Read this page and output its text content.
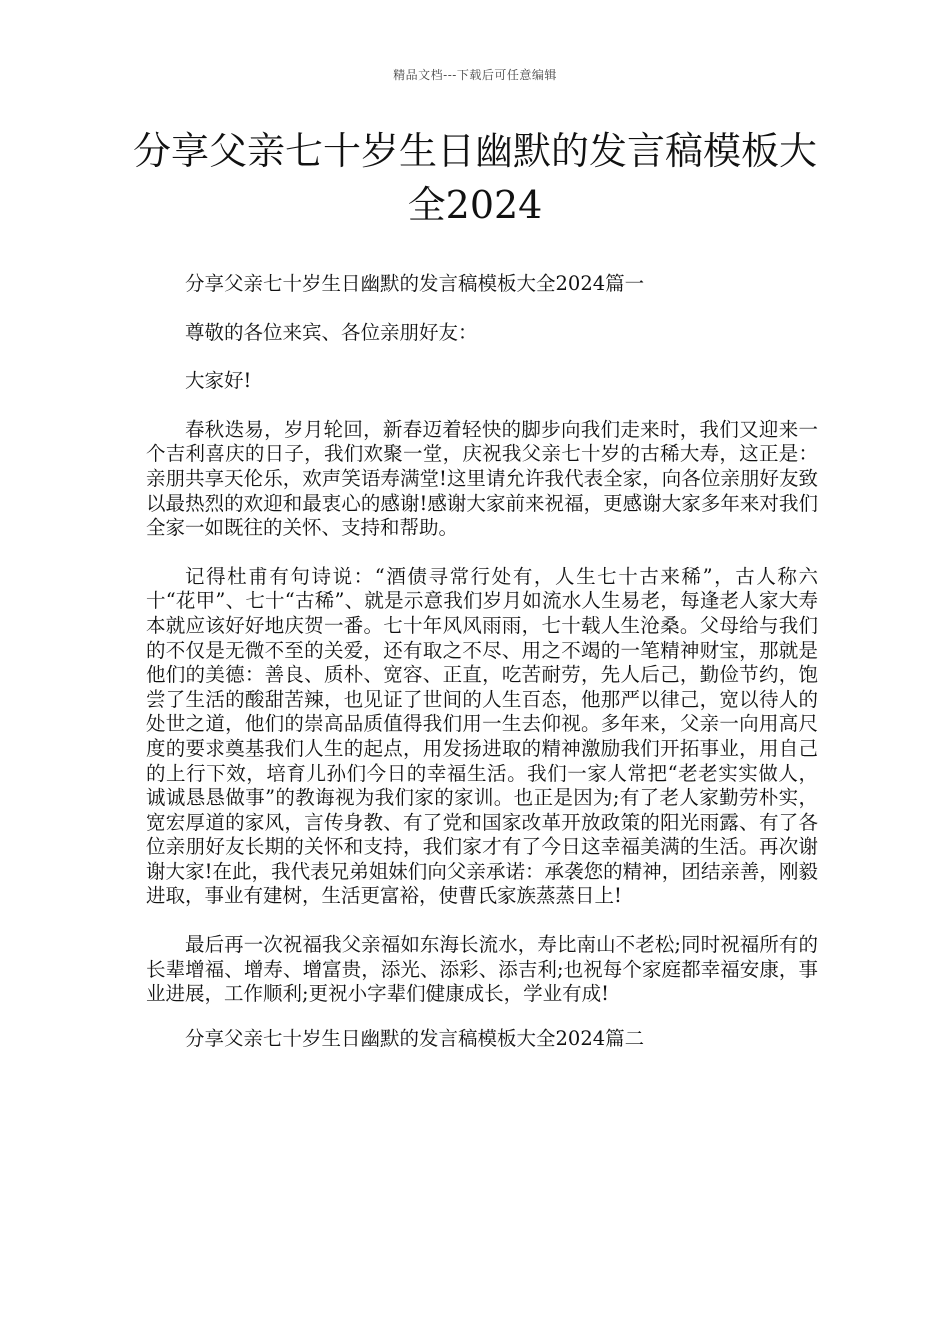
精品文档---下载后可任意编辑
分享父亲七十岁生日幽默的发言稿模板大全2024

分享父亲七十岁生日幽默的发言稿模板大全2024篇一

尊敬的各位来宾、各位亲朋好友：

大家好!

春秋迭易，岁月轮回，新春迈着轻快的脚步向我们走来时，我们又迎来一个吉利喜庆的日子，我们欢聚一堂，庆祝我父亲七十岁的古稀大寿，这正是：亲朋共享天伦乐，欢声笑语寿满堂!这里请允许我代表全家，向各位亲朋好友致以最热烈的欢迎和最衷心的感谢!感谢大家前来祝福，更感谢大家多年来对我们全家一如既往的关怀、支持和帮助。

记得杜甫有句诗说：“酒债寻常行处有，人生七十古来稀”，古人称六十“花甲”、七十“古稀”、就是示意我们岁月如流水人生易老，每逢老人家大寿本就应该好好地庆贺一番。七十年风风雨雨，七十载人生沧桑。父母给与我们的不仅是无微不至的关爱，还有取之不尽、用之不竭的一笔精神财宝，那就是他们的美德：善良、质朴、宽容、正直，吃苦耐劳，先人后己，勤俭节约，饱尝了生活的酸甜苦辣，也见证了世间的人生百态，他那严以律己，宽以待人的处世之道，他们的崇高品质值得我们用一生去仰视。多年来，父亲一向用高尺度的要求奠基我们人生的起点，用发扬进取的精神激励我们开拓事业，用自己的上行下效，培育儿孙们今日的幸福生活。我们一家人常把“老老实实做人，诚诚恳恳做事”的教诲视为我们家的家训。也正是因为;有了老人家勤劳朴实，宽宏厚道的家风，言传身教、有了党和国家改革开放政策的阳光雨露、有了各位亲朋好友长期的关怀和支持，我们家才有了今日这幸福美满的生活。再次谢谢大家!在此，我代表兄弟姐妹们向父亲承诺：承袭您的精神，团结亲善，刚毅进取，事业有建树，生活更富裕，使曹氏家族蒸蒸日上!

最后再一次祝福我父亲福如东海长流水，寿比南山不老松;同时祝福所有的长辈增福、增寿、增富贵，添光、添彩、添吉利;也祝每个家庭都幸福安康，事业进展，工作顺利;更祝小字辈们健康成长，学业有成!

分享父亲七十岁生日幽默的发言稿模板大全2024篇二
